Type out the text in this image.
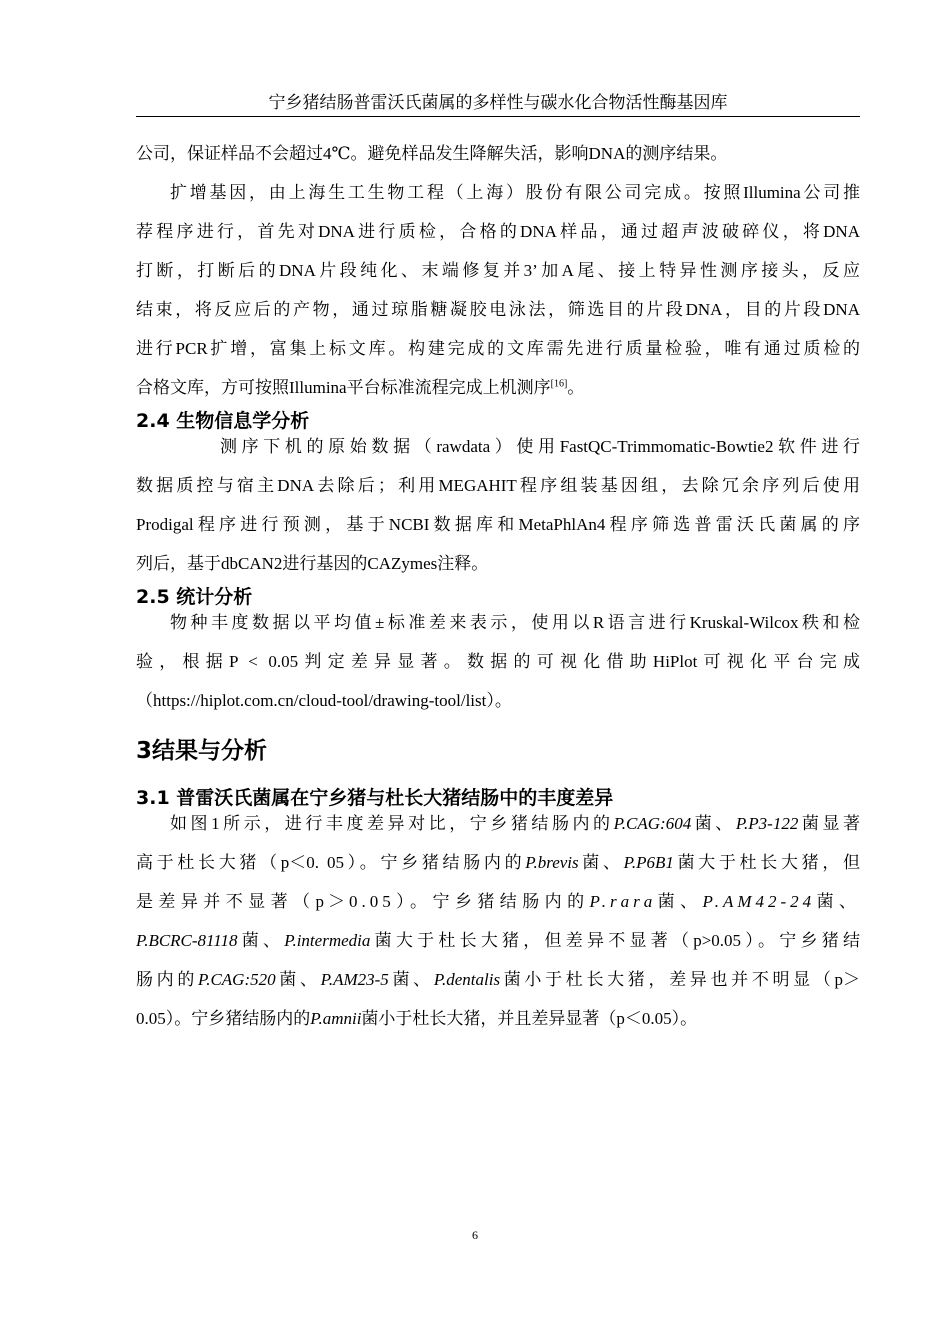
宁乡猪结肠普雷沃氏菌属的多样性与碳水化合物活性酶基因库

公司，保证样品不会超过4℃。避免样品发生降解失活，影响DNA的测序结果。

扩增基因，由上海生工生物工程（上海）股份有限公司完成。按照Illumina公司推

荐程序进行，首先对DNA进行质检，合格的DNA样品，通过超声波破碎仪，将DNA

打断，打断后的DNA片段纯化、末端修复并3’加A尾、接上特异性测序接头，反应

结束，将反应后的产物，通过琼脂糖凝胶电泳法，筛选目的片段DNA，目的片段DNA

进行PCR扩增，富集上标文库。构建完成的文库需先进行质量检验，唯有通过质检的

合格文库，方可按照Illumina平台标准流程完成上机测序[16]。

2.4 生物信息学分析

测序下机的原始数据（rawdata）使用FastQC-Trimmomatic-Bowtie2软件进行

数据质控与宿主DNA去除后；利用MEGAHIT程序组装基因组，去除冗余序列后使用

Prodigal程序进行预测，基于NCBI数据库和MetaPhlAn4程序筛选普雷沃氏菌属的序

列后，基于dbCAN2进行基因的CAZymes注释。

2.5 统计分析

物种丰度数据以平均值±标准差来表示，使用以R语言进行Kruskal-Wilcox秩和检

验，根据P < 0.05判定差异显著。数据的可视化借助HiPlot可视化平台完成

（https://hiplot.com.cn/cloud-tool/drawing-tool/list）。

3结果与分析
3.1 普雷沃氏菌属在宁乡猪与杜长大猪结肠中的丰度差异

如图1所示，进行丰度差异对比，宁乡猪结肠内的P.CAG:604菌、P.P3-122菌显著

高于杜长大猪（p＜0. 05）。宁乡猪结肠内的P.brevis菌、P.P6B1菌大于杜长大猪，但

是差异并不显著（p＞0.05）。宁乡猪结肠内的P.rara菌、P.AM42-24菌、

P.BCRC-81118菌、P.intermedia菌大于杜长大猪，但差异不显著（p>0.05）。宁乡猪结

肠内的P.CAG:520菌、P.AM23-5菌、P.dentalis菌小于杜长大猪，差异也并不明显（p＞

0.05）。宁乡猪结肠内的P.amnii菌小于杜长大猪，并且差异显著（p＜0.05）。

6
